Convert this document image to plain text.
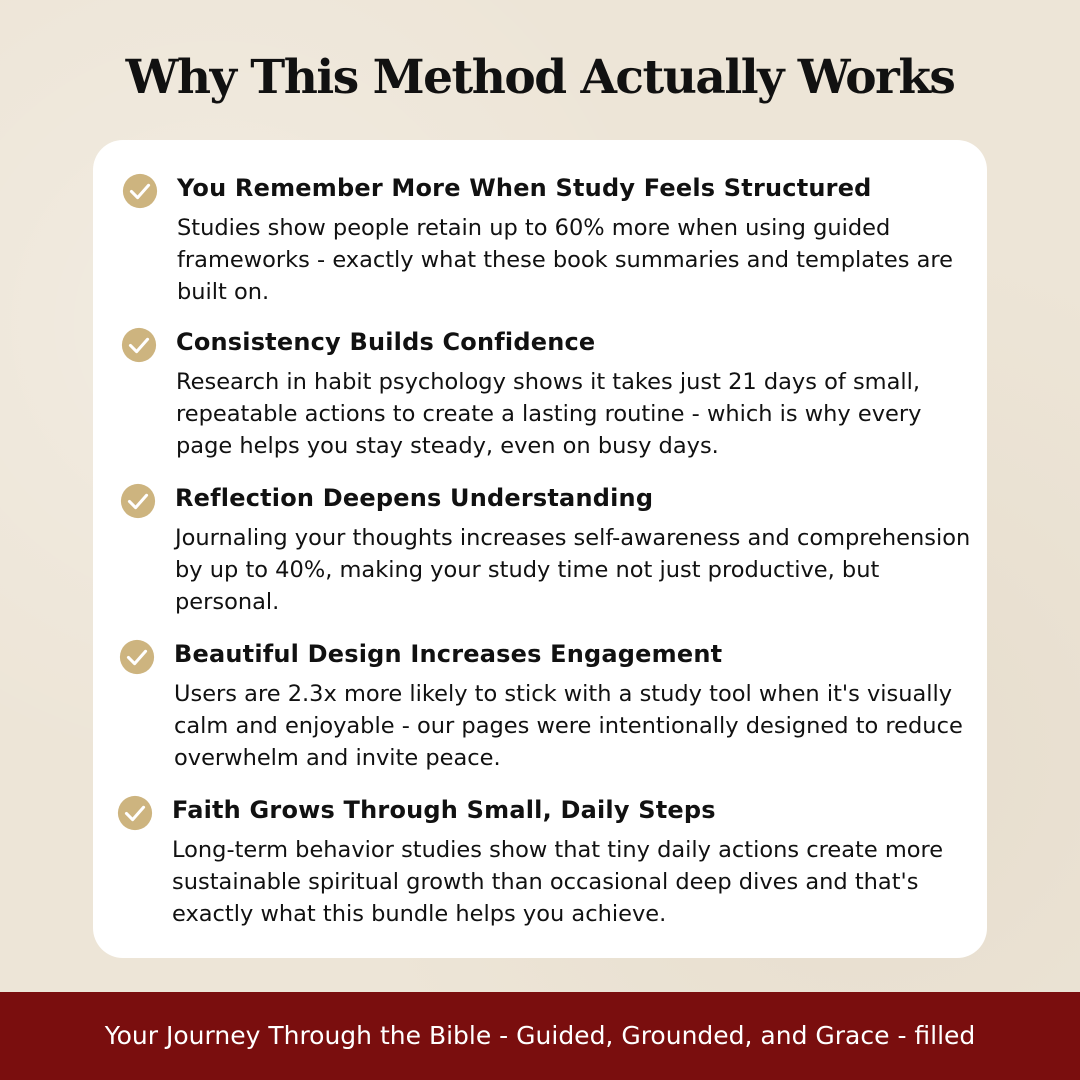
Why This Method Actually Works
You Remember More When Study Feels Structured
Studies show people retain up to 60% more when using guided frameworks - exactly what these book summaries and templates are built on.
Consistency Builds Confidence
Research in habit psychology shows it takes just 21 days of small, repeatable actions to create a lasting routine - which is why every page helps you stay steady, even on busy days.
Reflection Deepens Understanding
Journaling your thoughts increases self-awareness and comprehension by up to 40%, making your study time not just productive, but personal.
Beautiful Design Increases Engagement
Users are 2.3x more likely to stick with a study tool when it's visually calm and enjoyable - our pages were intentionally designed to reduce overwhelm and invite peace.
Faith Grows Through Small, Daily Steps
Long-term behavior studies show that tiny daily actions create more sustainable spiritual growth than occasional deep dives and that's exactly what this bundle helps you achieve.
Your Journey Through the Bible - Guided, Grounded, and Grace - filled
